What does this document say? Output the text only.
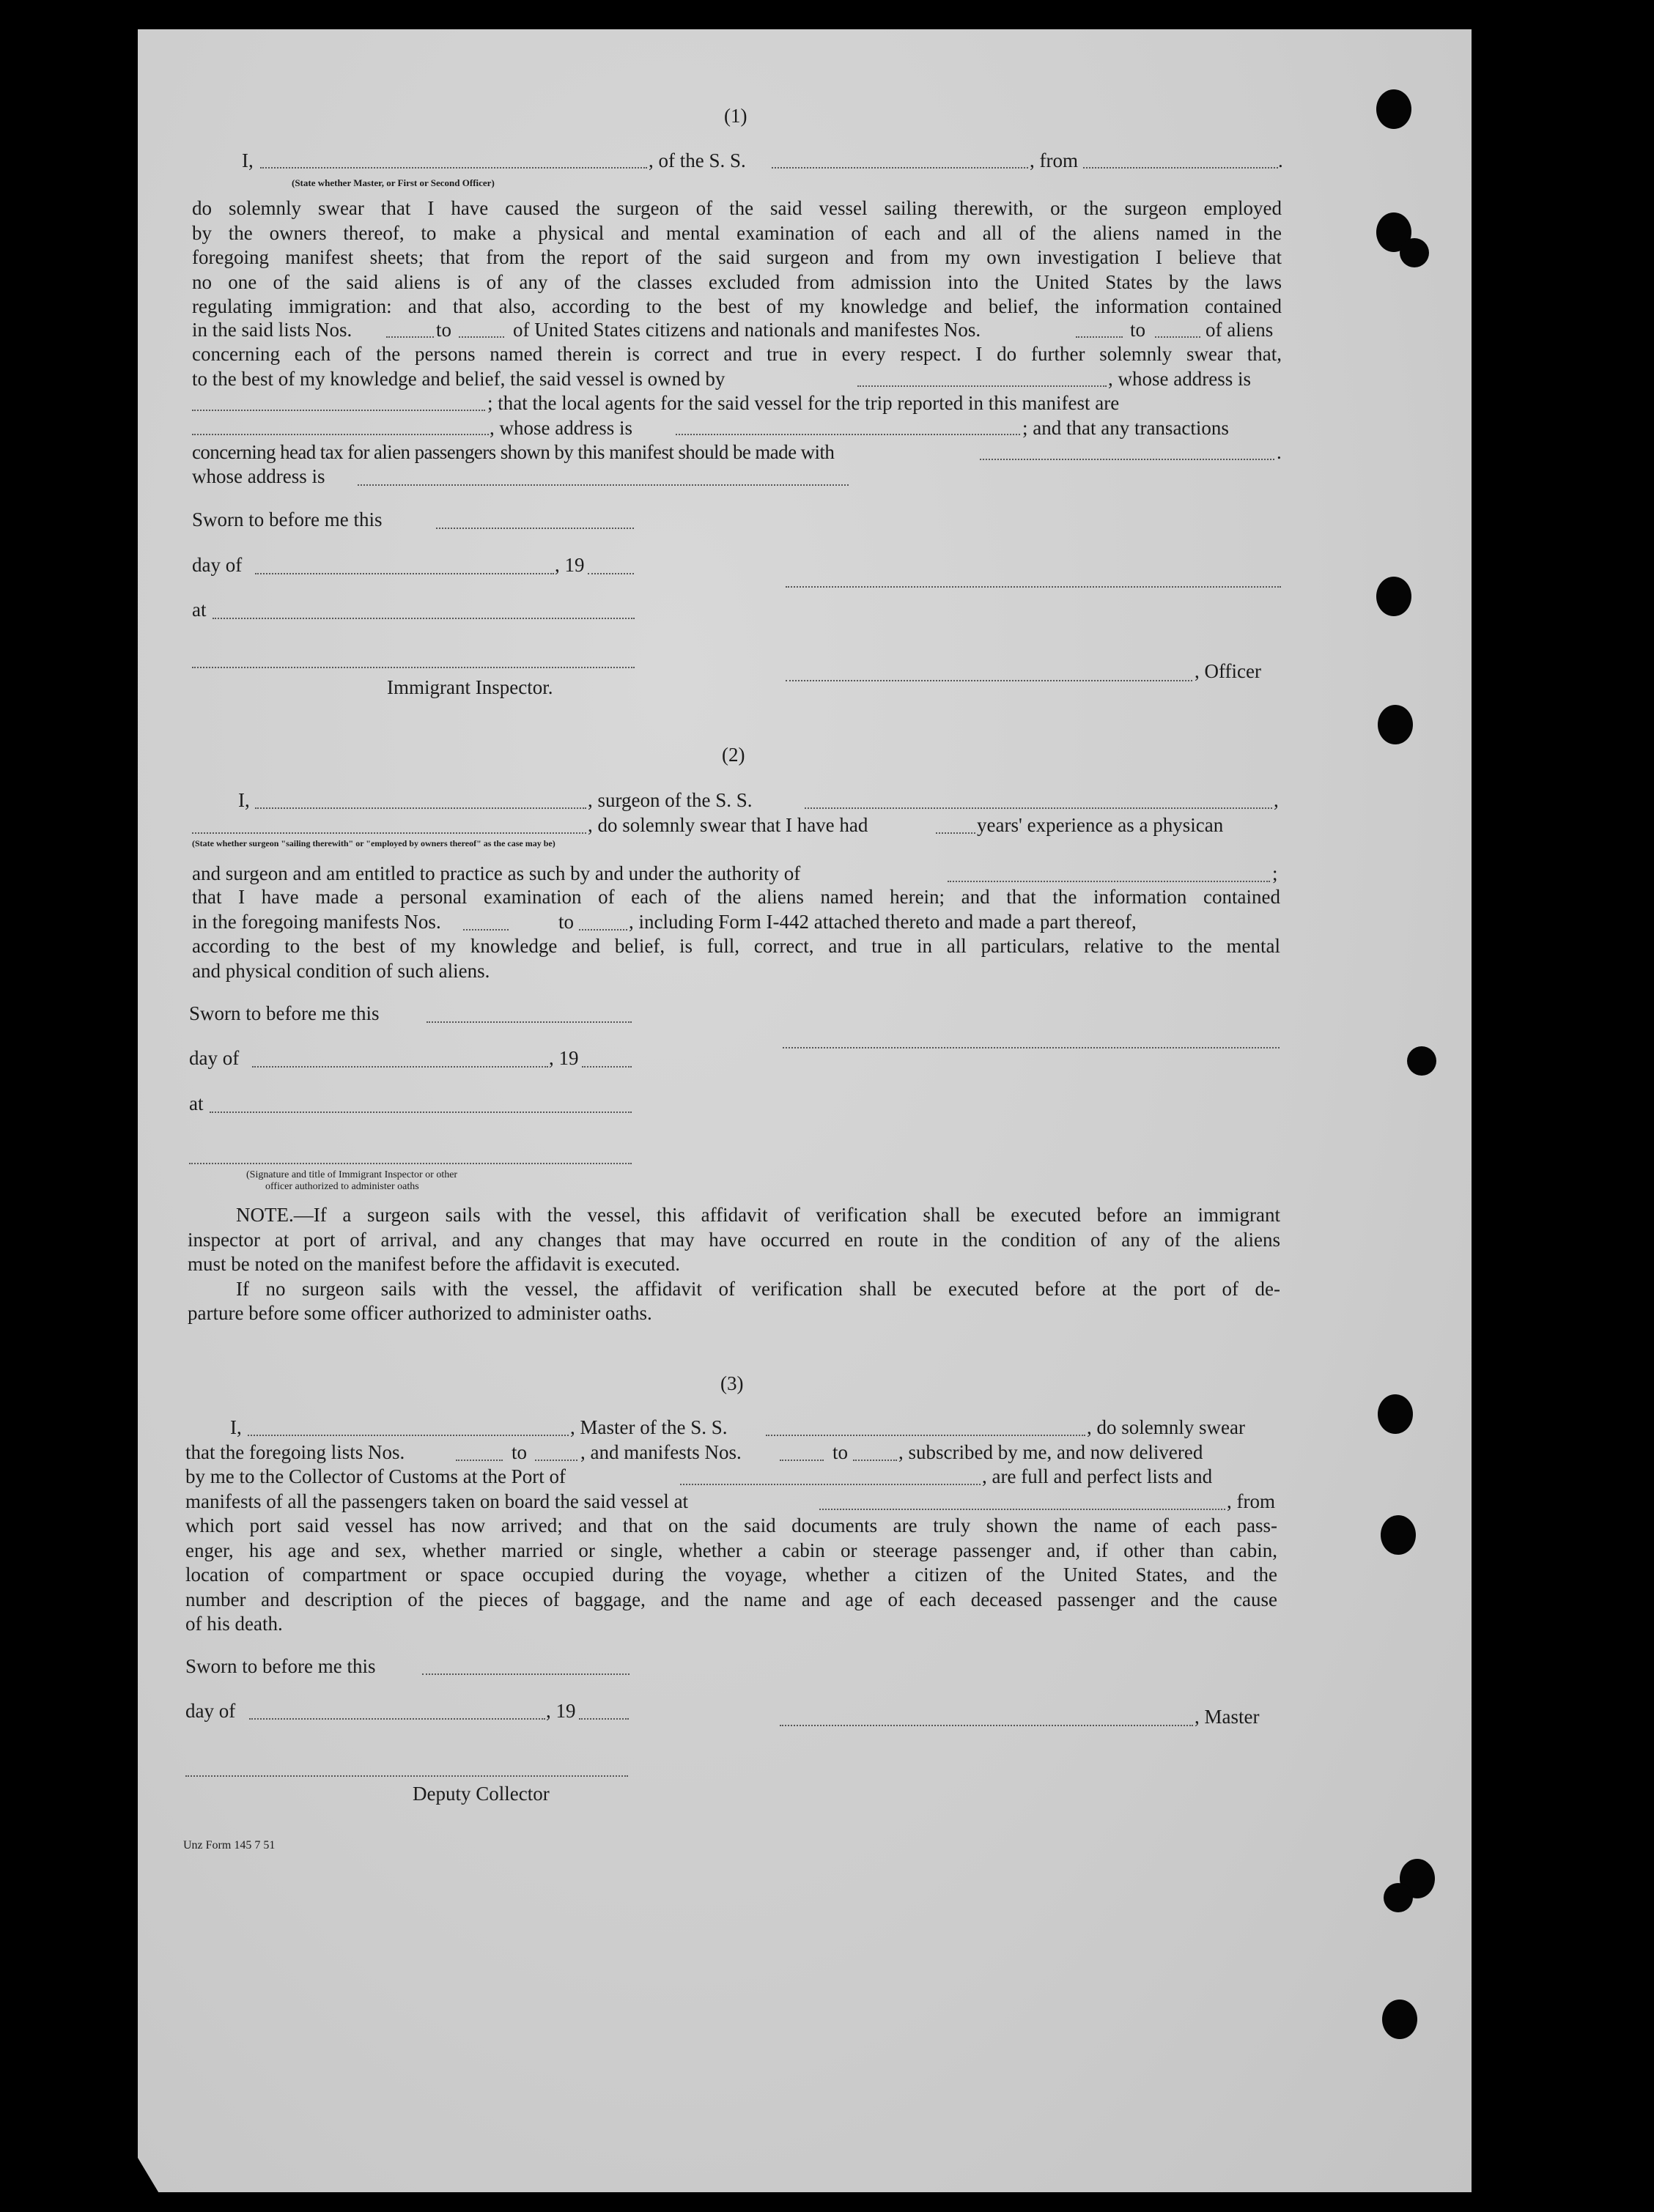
(1)
I,	, of the S. S.	, from	.
(State whether Master, or First or Second Officer)
do solemnly swear that I have caused the surgeon of the said vessel sailing therewith, or the surgeon employed
by the owners thereof, to make a physical and mental examination of each and all of the aliens named in the
foregoing manifest sheets; that from the report of the said surgeon and from my own investigation I believe that
no one of the said aliens is of any of the classes excluded from admission into the United States by the laws
regulating immigration: and that also, according to the best of my knowledge and belief, the information contained
in the said lists Nos.	to	of United States citizens and nationals and manifestes Nos.	to	of aliens
concerning each of the persons named therein is correct and true in every respect. I do further solemnly swear that,
to the best of my knowledge and belief, the said vessel is owned by	, whose address is
; that the local agents for the said vessel for the trip reported in this manifest are
, whose address is	; and that any transactions
concerning head tax for alien passengers shown by this manifest should be made with	.
whose address is
Sworn to before me this
day of	, 19
at
, Officer
Immigrant Inspector.
(2)
I,	, surgeon of the S. S.	,
, do solemnly swear that I have had	years' experience as a physican
(State whether surgeon "sailing therewith" or "employed by owners thereof" as the case may be)
and surgeon and am entitled to practice as such by and under the authority of	;
that I have made a personal examination of each of the aliens named herein; and that the information contained
in the foregoing manifests Nos.	to	, including Form I-442 attached thereto and made a part thereof,
according to the best of my knowledge and belief, is full, correct, and true in all particulars, relative to the mental
and physical condition of such aliens.
Sworn to before me this
day of	, 19
at
(Signature and title of Immigrant Inspector or other
officer authorized to administer oaths
NOTE.—If a surgeon sails with the vessel, this affidavit of verification shall be executed before an immigrant
inspector at port of arrival, and any changes that may have occurred en route in the condition of any of the aliens
must be noted on the manifest before the affidavit is executed.
If no surgeon sails with the vessel, the affidavit of verification shall be executed before at the port of de-
parture before some officer authorized to administer oaths.
(3)
I,	, Master of the S. S.	, do solemnly swear
that the foregoing lists Nos.	to	, and manifests Nos.	to	, subscribed by me, and now delivered
by me to the Collector of Customs at the Port of	, are full and perfect lists and
manifests of all the passengers taken on board the said vessel at	, from
which port said vessel has now arrived; and that on the said documents are truly shown the name of each pass-
enger, his age and sex, whether married or single, whether a cabin or steerage passenger and, if other than cabin,
location of compartment or space occupied during the voyage, whether a citizen of the United States, and the
number and description of the pieces of baggage, and the name and age of each deceased passenger and the cause
of his death.
Sworn to before me this
day of	, 19	, Master
Deputy Collector
Unz Form 145 7 51
